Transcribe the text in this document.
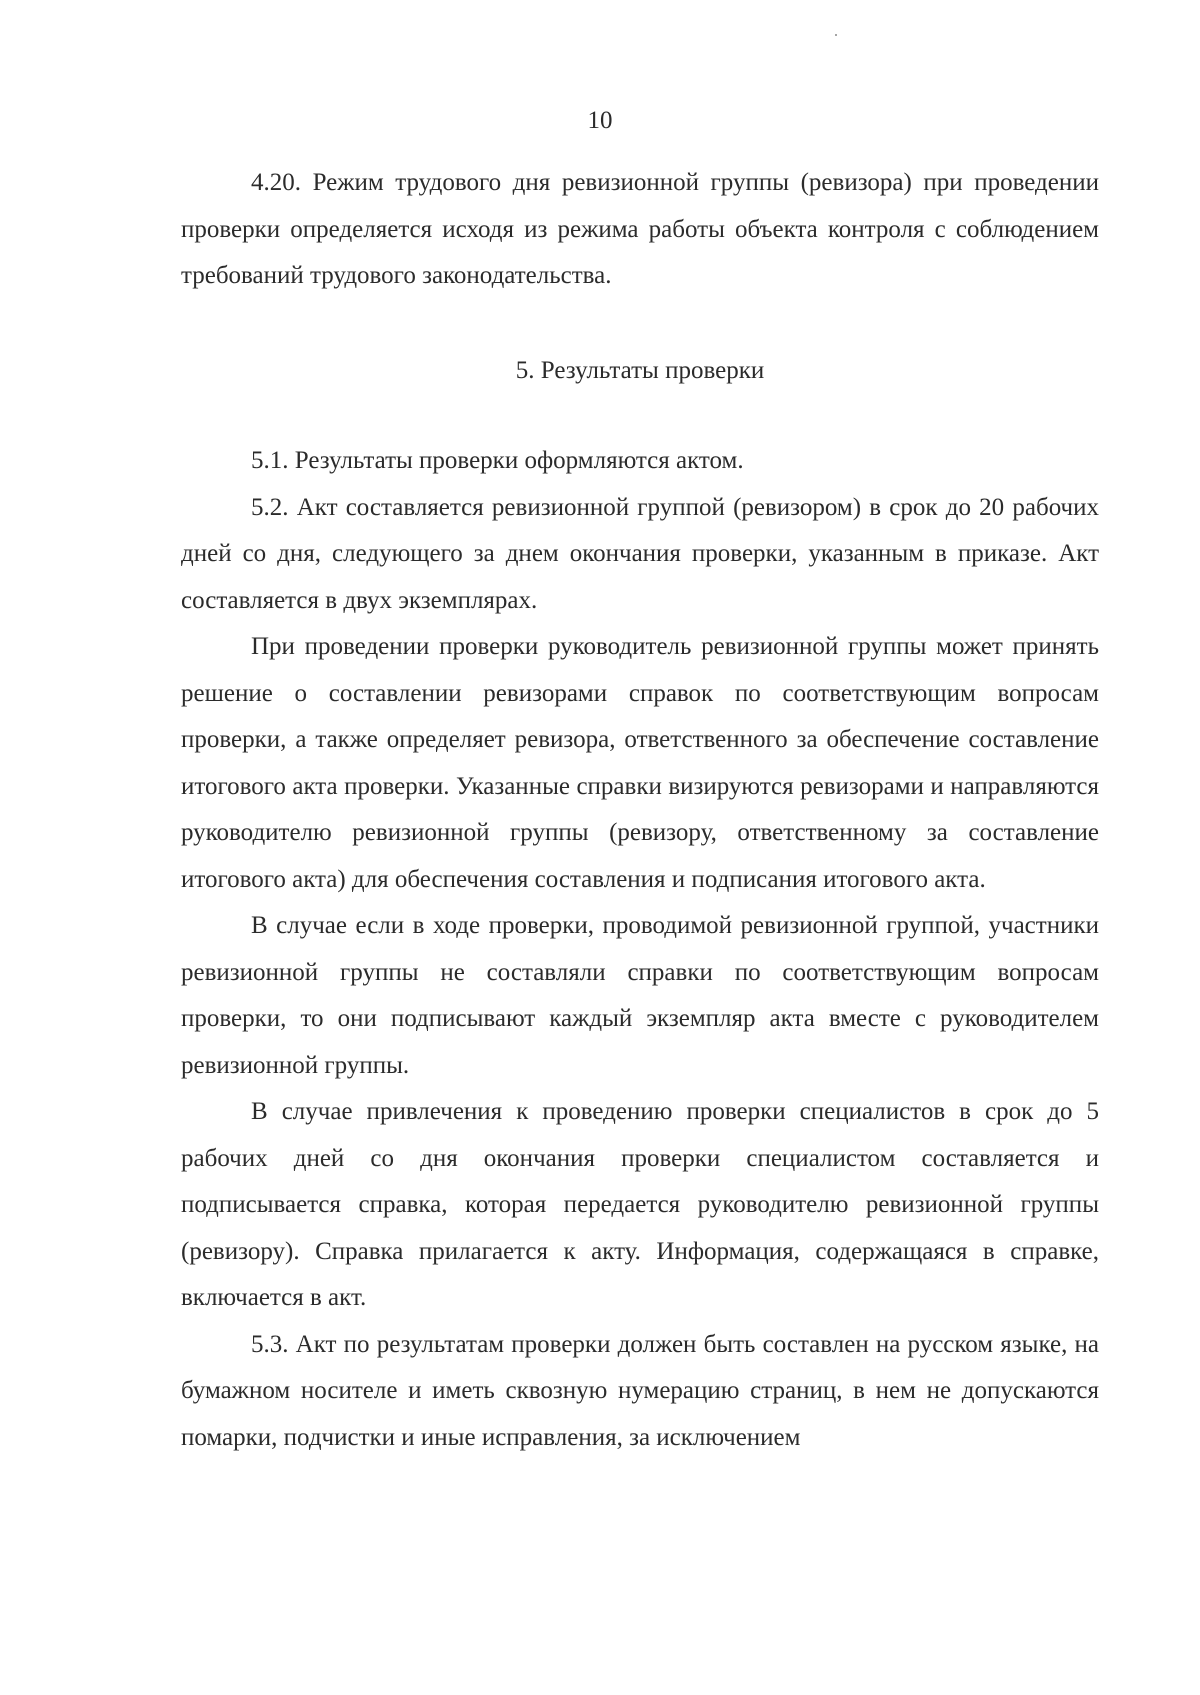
10

4.20. Режим трудового дня ревизионной группы (ревизора) при проведении проверки определяется исходя из режима работы объекта контроля с соблюдением требований трудового законодательства.

5. Результаты проверки

5.1. Результаты проверки оформляются актом.

5.2. Акт составляется ревизионной группой (ревизором) в срок до 20 рабочих дней со дня, следующего за днем окончания проверки, указанным в приказе. Акт составляется в двух экземплярах.

При проведении проверки руководитель ревизионной группы может принять решение о составлении ревизорами справок по соответствующим вопросам проверки, а также определяет ревизора, ответственного за обеспечение составление итогового акта проверки. Указанные справки визируются ревизорами и направляются руководителю ревизионной группы (ревизору, ответственному за составление итогового акта) для обеспечения составления и подписания итогового акта.

В случае если в ходе проверки, проводимой ревизионной группой, участники ревизионной группы не составляли справки по соответствующим вопросам проверки, то они подписывают каждый экземпляр акта вместе с руководителем ревизионной группы.

В случае привлечения к проведению проверки специалистов в срок до 5 рабочих дней со дня окончания проверки специалистом составляется и подписывается справка, которая передается руководителю ревизионной группы (ревизору). Справка прилагается к акту. Информация, содержащаяся в справке, включается в акт.

5.3. Акт по результатам проверки должен быть составлен на русском языке, на бумажном носителе и иметь сквозную нумерацию страниц, в нем не допускаются помарки, подчистки и иные исправления, за исключением
